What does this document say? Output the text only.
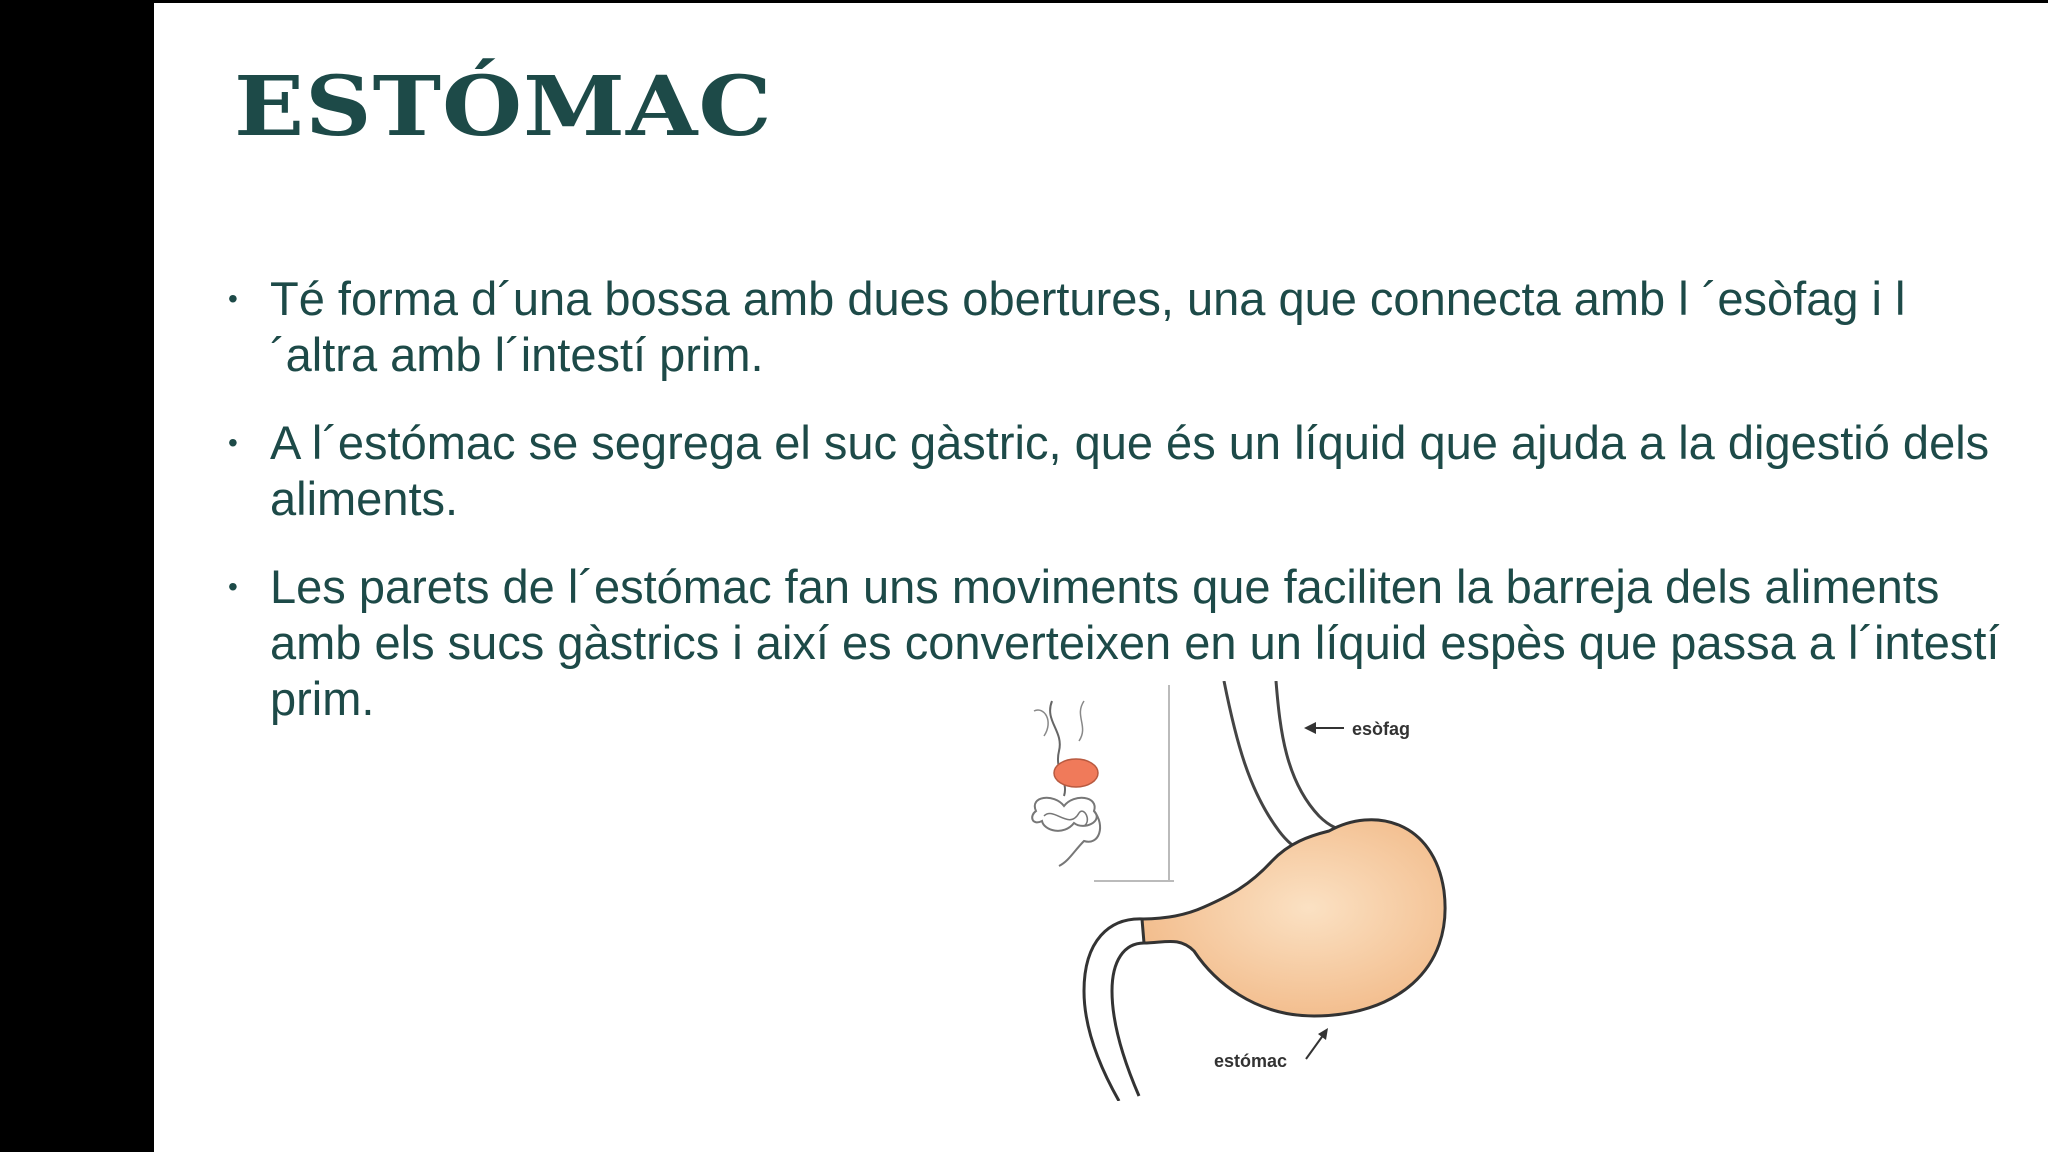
ESTÓMAC
• Té forma d´una bossa amb dues obertures, una que connecta amb l ´esòfag i l´altra amb l´intestí prim.
• A l´estómac se segrega el suc gàstric, que és un líquid que ajuda a la digestió dels aliments.
• Les parets de l´estómac fan uns moviments que faciliten la barreja dels aliments amb els sucs gàstrics i així es converteixen en un líquid espès que passa a l´intestí prim.
esòfag
estómac
